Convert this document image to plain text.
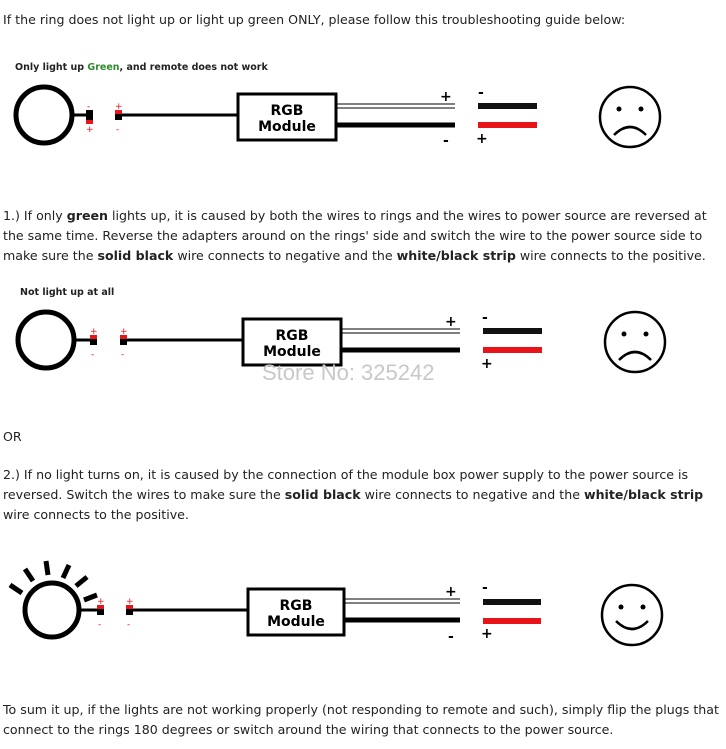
If the ring does not light up or light up green ONLY, please follow this troubleshooting guide below:

Only light up Green, and remote does not work
-
+
+
-
RGB
Module
+
-
-
+

1.) If only green lights up, it is caused by both the wires to rings and the wires to power source are reversed at the same time. Reverse the adapters around on the rings' side and switch the wire to the power source side to make sure the solid black wire connects to negative and the white/black strip wire connects to the positive.

Not light up at all
+
-
+
-
RGB
Module
+ -
+
Store No: 325242

OR

2.) If no light turns on, it is caused by the connection of the module box power supply to the power source is reversed. Switch the wires to make sure the solid black wire connects to negative and the white/black strip wire connects to the positive.

+
-
+
-
RGB
Module
+
-
-
+

To sum it up, if the lights are not working properly (not responding to remote and such), simply flip the plugs that connect to the rings 180 degrees or switch around the wiring that connects to the power source.
